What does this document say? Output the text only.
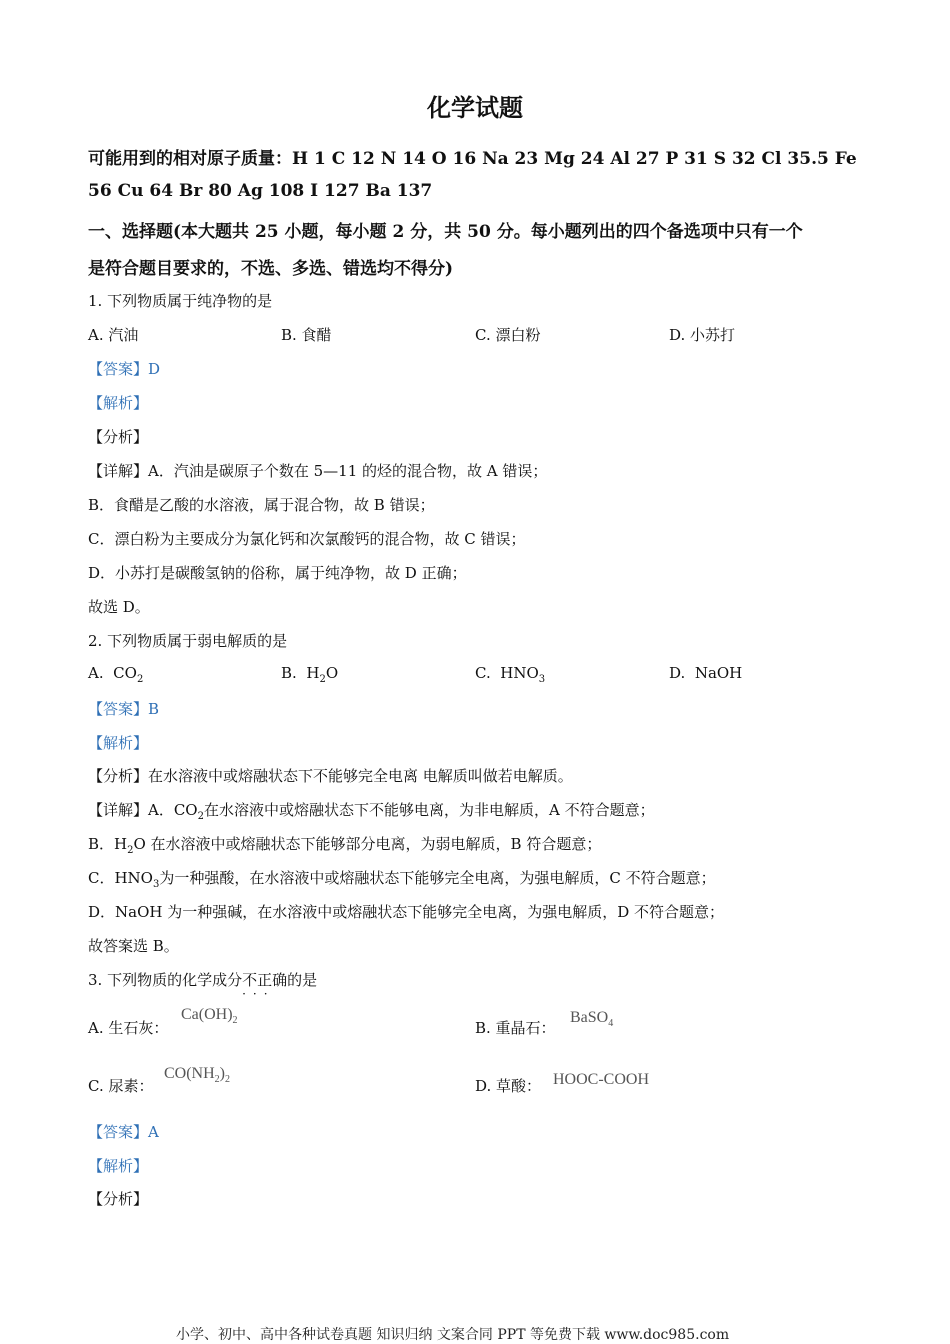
化学试题
可能用到的相对原子质量：H 1 C 12 N 14 O 16 Na 23 Mg 24 Al 27 P 31 S 32 Cl 35.5 Fe
56 Cu 64 Br 80 Ag 108 I 127 Ba 137
一、选择题(本大题共 25 小题，每小题 2 分，共 50 分。每小题列出的四个备选项中只有一个
是符合题目要求的，不选、多选、错选均不得分)
1. 下列物质属于纯净物的是
A. 汽油	B. 食醋	C. 漂白粉	D. 小苏打
【答案】D
【解析】
【分析】
【详解】A．汽油是碳原子个数在 5—11 的烃的混合物，故 A 错误；
B．食醋是乙酸的水溶液，属于混合物，故 B 错误；
C．漂白粉为主要成分为氯化钙和次氯酸钙的混合物，故 C 错误；
D．小苏打是碳酸氢钠的俗称，属于纯净物，故 D 正确；
故选 D。
2. 下列物质属于弱电解质的是
A. $CO_2$	B. $H_2O$	C. $HNO_3$	D. NaOH
【答案】B
【解析】
【分析】在水溶液中或熔融状态下不能够完全电离 电解质叫做若电解质。
【详解】A．$CO_2$在水溶液中或熔融状态下不能够电离，为非电解质，A 不符合题意；
B．$H_2O$ 在水溶液中或熔融状态下能够部分电离，为弱电解质，B 符合题意；
C．$HNO_3$为一种强酸，在水溶液中或熔融状态下能够完全电离，为强电解质，C 不符合题意；
D．NaOH 为一种强碱，在水溶液中或熔融状态下能够完全电离，为强电解质，D 不符合题意；
故答案选 B。
3. 下列物质的化学成分不正确
···
的是
A. 生石灰：
$Ca(OH)_2$	B. 重晶石：
BaSO$_4$
C. 尿素：
$CO(NH_2)_2$	D. 草酸： HOOC-COOH
【答案】A
【解析】
【分析】
小学、初中、高中各种试卷真题 知识归纳 文案合同 PPT 等免费下载 www.doc985.com
